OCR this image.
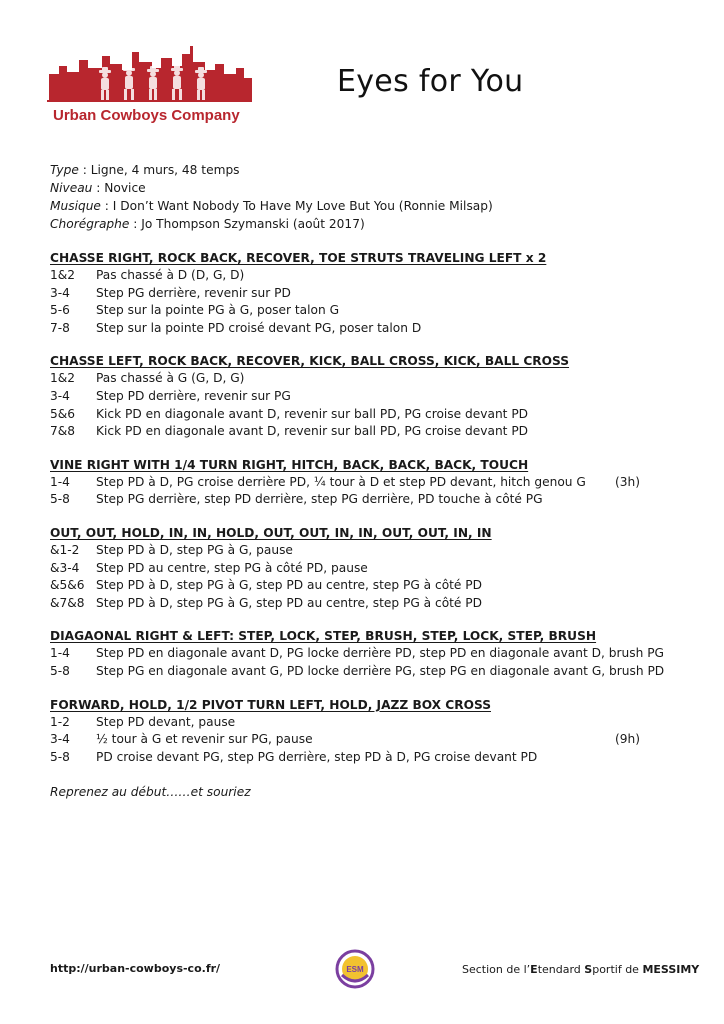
Urban Cowboys Company
Eyes for You
Type : Ligne, 4 murs, 48 temps
Niveau : Novice
Musique : I Don’t Want Nobody To Have My Love But You (Ronnie Milsap)
Chorégraphe : Jo Thompson Szymanski (août 2017)
CHASSE RIGHT, ROCK BACK, RECOVER, TOE STRUTS TRAVELING LEFT x 2
1&2 Pas chassé à D (D, G, D)
3-4 Step PG derrière, revenir sur PD
5-6 Step sur la pointe PG à G, poser talon G
7-8 Step sur la pointe PD croisé devant PG, poser talon D
CHASSE LEFT, ROCK BACK, RECOVER, KICK, BALL CROSS, KICK, BALL CROSS
1&2 Pas chassé à G (G, D, G)
3-4 Step PD derrière, revenir sur PG
5&6 Kick PD en diagonale avant D, revenir sur ball PD, PG croise devant PD
7&8 Kick PD en diagonale avant D, revenir sur ball PD, PG croise devant PD
VINE RIGHT WITH 1/4 TURN RIGHT, HITCH, BACK, BACK, BACK, TOUCH
1-4 Step PD à D, PG croise derrière PD, ¼ tour à D et step PD devant, hitch genou G (3h)
5-8 Step PG derrière, step PD derrière, step PG derrière, PD touche à côté PG
OUT, OUT, HOLD, IN, IN, HOLD, OUT, OUT, IN, IN, OUT, OUT, IN, IN
&1-2 Step PD à D, step PG à G, pause
&3-4 Step PD au centre, step PG à côté PD, pause
&5&6 Step PD à D, step PG à G, step PD au centre, step PG à côté PD
&7&8 Step PD à D, step PG à G, step PD au centre, step PG à côté PD
DIAGAONAL RIGHT & LEFT: STEP, LOCK, STEP, BRUSH, STEP, LOCK, STEP, BRUSH
1-4 Step PD en diagonale avant D, PG locke derrière PD, step PD en diagonale avant D, brush PG
5-8 Step PG en diagonale avant G, PD locke derrière PG, step PG en diagonale avant G, brush PD
FORWARD, HOLD, 1/2 PIVOT TURN LEFT, HOLD, JAZZ BOX CROSS
1-2 Step PD devant, pause
3-4 ½ tour à G et revenir sur PG, pause	(9h)
5-8 PD croise devant PG, step PG derrière, step PD à D, PG croise devant PD
Reprenez au début……et souriez
http://urban-cowboys-co.fr/	ESM	Section de l’Etendard Sportif de MESSIMY
